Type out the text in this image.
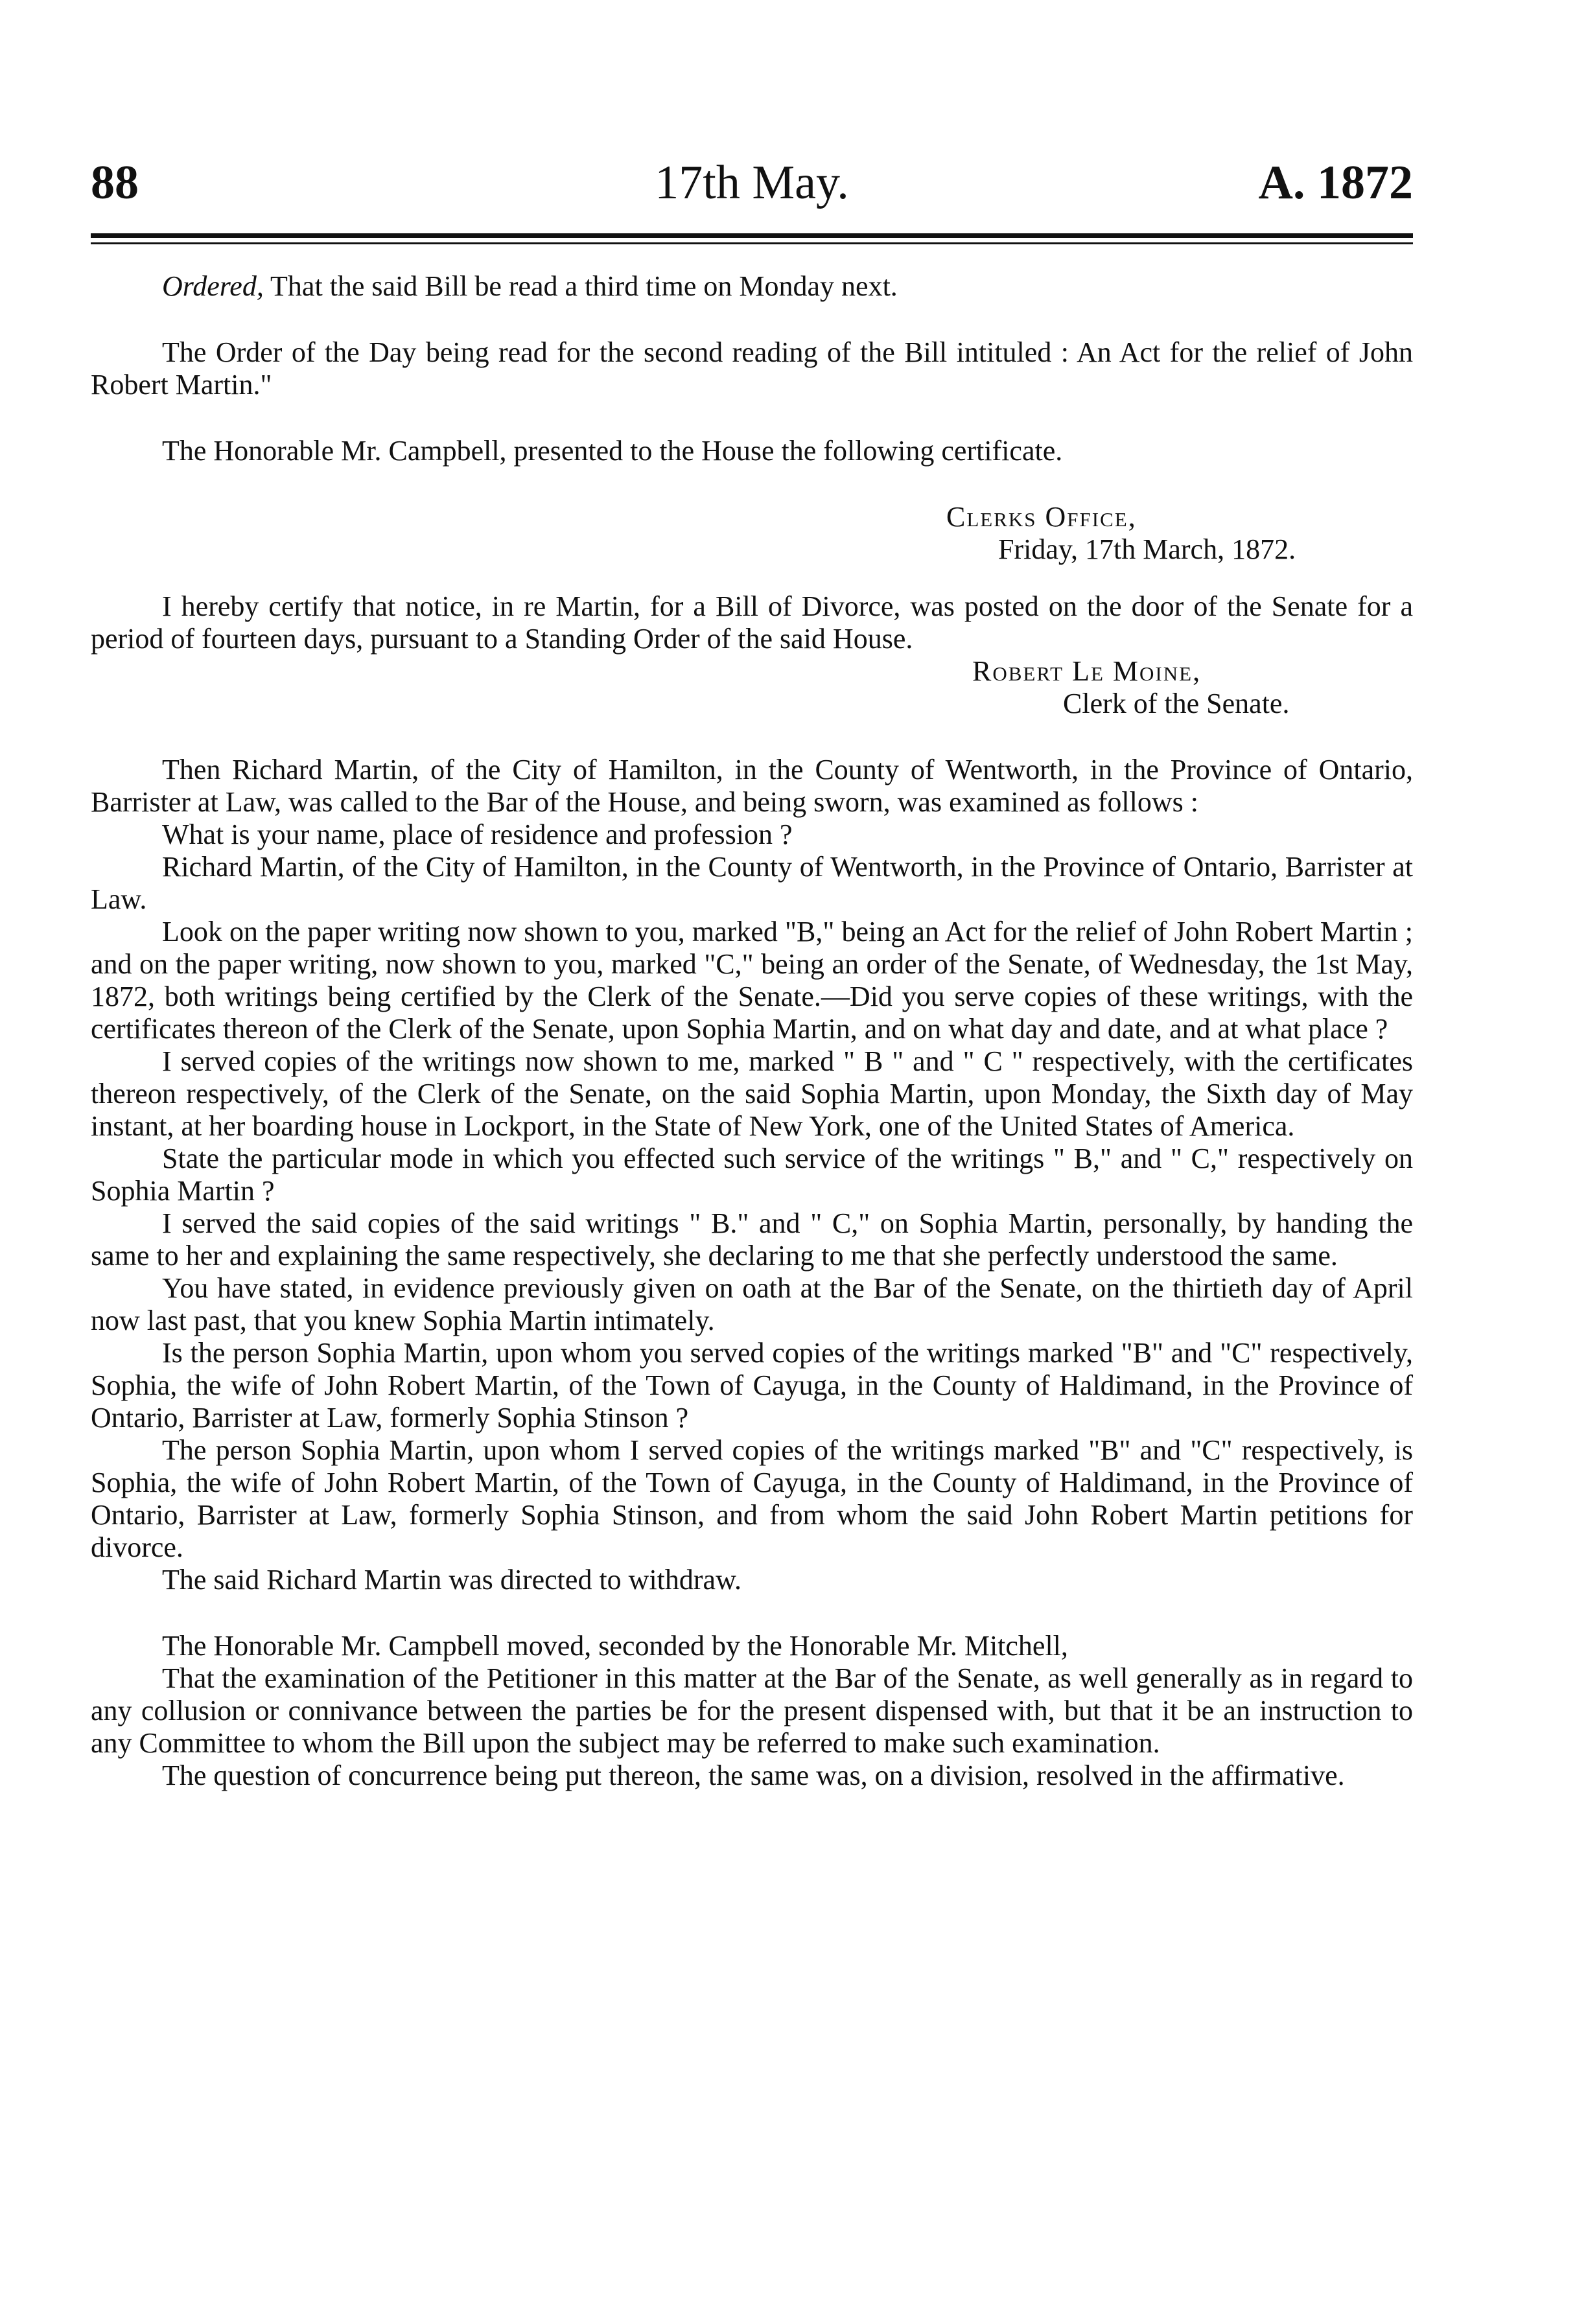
88	17th May.	A. 1872

Ordered, That the said Bill be read a third time on Monday next.

The Order of the Day being read for the second reading of the Bill intituled : An Act for the relief of John Robert Martin."

The Honorable Mr. Campbell, presented to the House the following certificate.

Clerks Office,

Friday, 17th March, 1872.

I hereby certify that notice, in re Martin, for a Bill of Divorce, was posted on the door of the Senate for a period of fourteen days, pursuant to a Standing Order of the said House.

Robert Le Moine,

Clerk of the Senate.

Then Richard Martin, of the City of Hamilton, in the County of Wentworth, in the Province of Ontario, Barrister at Law, was called to the Bar of the House, and being sworn, was examined as follows :

What is your name, place of residence and profession ?

Richard Martin, of the City of Hamilton, in the County of Wentworth, in the Province of Ontario, Barrister at Law.

Look on the paper writing now shown to you, marked "B," being an Act for the relief of John Robert Martin ; and on the paper writing, now shown to you, marked "C," being an order of the Senate, of Wednesday, the 1st May, 1872, both writings being certified by the Clerk of the Senate.—Did you serve copies of these writings, with the certificates thereon of the Clerk of the Senate, upon Sophia Martin, and on what day and date, and at what place ?

I served copies of the writings now shown to me, marked " B " and " C " respectively, with the certificates thereon respectively, of the Clerk of the Senate, on the said Sophia Martin, upon Monday, the Sixth day of May instant, at her boarding house in Lockport, in the State of New York, one of the United States of America.

State the particular mode in which you effected such service of the writings " B," and " C," respectively on Sophia Martin ?

I served the said copies of the said writings " B." and " C," on Sophia Martin, personally, by handing the same to her and explaining the same respectively, she declaring to me that she perfectly understood the same.

You have stated, in evidence previously given on oath at the Bar of the Senate, on the thirtieth day of April now last past, that you knew Sophia Martin intimately.

Is the person Sophia Martin, upon whom you served copies of the writings marked "B" and "C" respectively, Sophia, the wife of John Robert Martin, of the Town of Cayuga, in the County of Haldimand, in the Province of Ontario, Barrister at Law, formerly Sophia Stinson ?

The person Sophia Martin, upon whom I served copies of the writings marked "B" and "C" respectively, is Sophia, the wife of John Robert Martin, of the Town of Cayuga, in the County of Haldimand, in the Province of Ontario, Barrister at Law, formerly Sophia Stinson, and from whom the said John Robert Martin petitions for divorce.

The said Richard Martin was directed to withdraw.

The Honorable Mr. Campbell moved, seconded by the Honorable Mr. Mitchell,

That the examination of the Petitioner in this matter at the Bar of the Senate, as well generally as in regard to any collusion or connivance between the parties be for the present dispensed with, but that it be an instruction to any Committee to whom the Bill upon the subject may be referred to make such examination.

The question of concurrence being put thereon, the same was, on a division, resolved in the affirmative.
